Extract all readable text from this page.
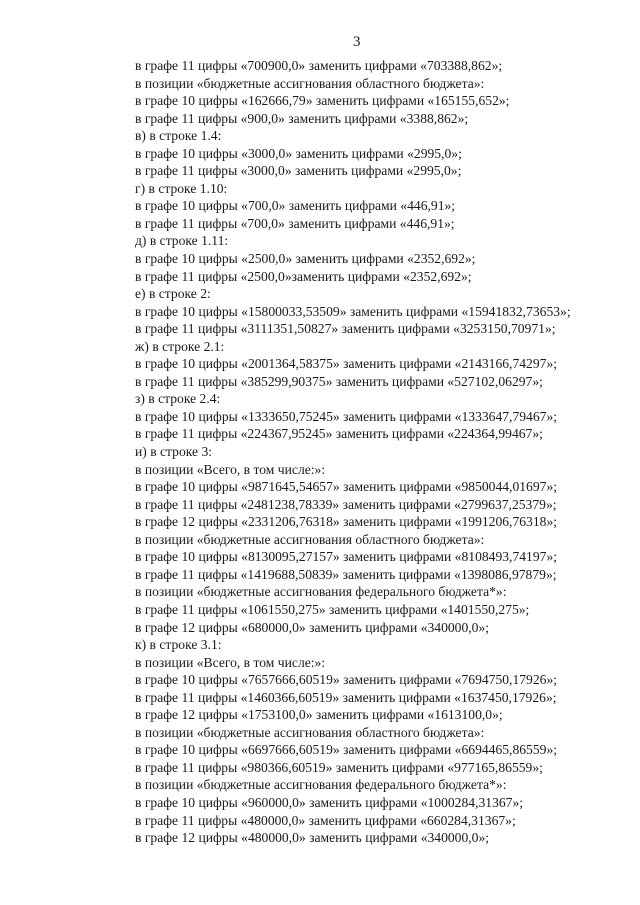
3
в графе 11 цифры «700900,0» заменить цифрами «703388,862»;
в позиции «бюджетные ассигнования областного бюджета»:
в графе 10 цифры «162666,79» заменить цифрами «165155,652»;
в графе 11 цифры «900,0» заменить цифрами «3388,862»;
в) в строке 1.4:
в графе 10 цифры «3000,0» заменить цифрами «2995,0»;
в графе 11 цифры «3000,0» заменить цифрами «2995,0»;
г) в строке 1.10:
в графе 10 цифры «700,0» заменить цифрами «446,91»;
в графе 11 цифры «700,0» заменить цифрами «446,91»;
д) в строке 1.11:
в графе 10 цифры «2500,0» заменить цифрами «2352,692»;
в графе 11 цифры «2500,0»заменить цифрами «2352,692»;
е) в строке 2:
в графе 10 цифры «15800033,53509» заменить цифрами «15941832,73653»;
в графе 11 цифры «3111351,50827» заменить цифрами «3253150,70971»;
ж) в строке 2.1:
в графе 10 цифры «2001364,58375» заменить цифрами «2143166,74297»;
в графе 11 цифры «385299,90375» заменить цифрами «527102,06297»;
з) в строке 2.4:
в графе 10 цифры «1333650,75245» заменить цифрами «1333647,79467»;
в графе 11 цифры «224367,95245» заменить цифрами «224364,99467»;
и) в строке 3:
в позиции «Всего, в том числе:»:
в графе 10 цифры «9871645,54657» заменить цифрами «9850044,01697»;
в графе 11 цифры «2481238,78339» заменить цифрами «2799637,25379»;
в графе 12 цифры «2331206,76318» заменить цифрами «1991206,76318»;
в позиции «бюджетные ассигнования областного бюджета»:
в графе 10 цифры «8130095,27157» заменить цифрами «8108493,74197»;
в графе 11 цифры «1419688,50839» заменить цифрами «1398086,97879»;
в позиции «бюджетные ассигнования федерального бюджета*»:
в графе 11 цифры «1061550,275» заменить цифрами «1401550,275»;
в графе 12 цифры «680000,0» заменить цифрами «340000,0»;
к) в строке 3.1:
в позиции «Всего, в том числе:»:
в графе 10 цифры «7657666,60519» заменить цифрами «7694750,17926»;
в графе 11 цифры «1460366,60519» заменить цифрами «1637450,17926»;
в графе 12 цифры «1753100,0» заменить цифрами «1613100,0»;
в позиции «бюджетные ассигнования областного бюджета»:
в графе 10 цифры «6697666,60519» заменить цифрами «6694465,86559»;
в графе 11 цифры «980366,60519» заменить цифрами «977165,86559»;
в позиции «бюджетные ассигнования федерального бюджета*»:
в графе 10 цифры «960000,0» заменить цифрами «1000284,31367»;
в графе 11 цифры «480000,0» заменить цифрами «660284,31367»;
в графе 12 цифры «480000,0» заменить цифрами «340000,0»;
